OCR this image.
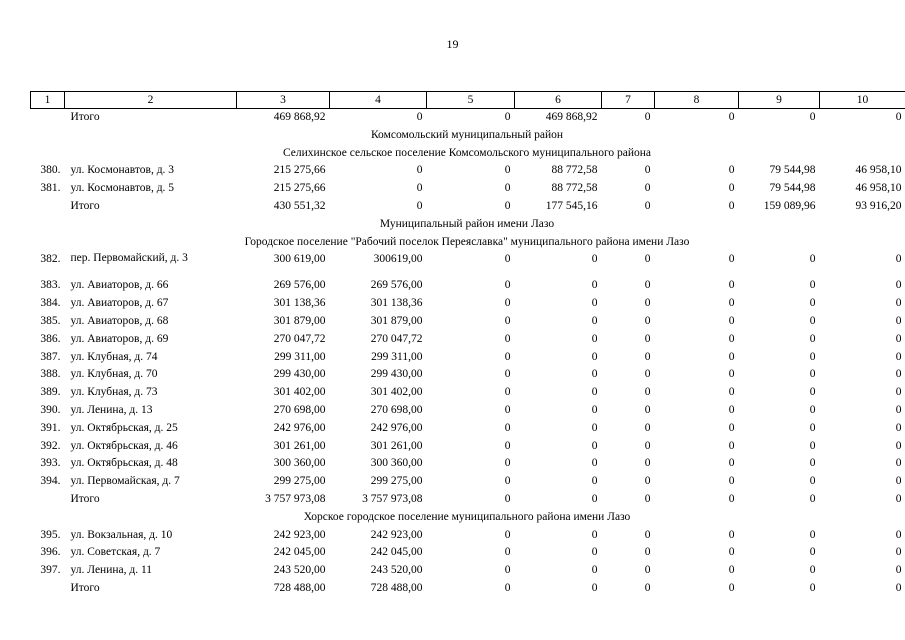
19
1	2	3	4	5	6	7	8	9	10
	Итого	469 868,92	0	0	469 868,92	0	0	0	0
Комсомольский муниципальный район									
Селихинское сельское поселение Комсомольского муниципального района									
380.	ул. Космонавтов, д. 3	215 275,66	0	0	88 772,58	0	0	79 544,98	46 958,10
381.	ул. Космонавтов, д. 5	215 275,66	0	0	88 772,58	0	0	79 544,98	46 958,10
	Итого	430 551,32	0	0	177 545,16	0	0	159 089,96	93 916,20
Муниципальный район имени Лазо									
Городское поселение "Рабочий поселок Переяславка" муниципального района имени Лазо									
382.	пер. Первомайский, д. 3	300 619,00	300619,00	0	0	0	0	0	0
383.	ул. Авиаторов, д. 66	269 576,00	269 576,00	0	0	0	0	0	0
384.	ул. Авиаторов, д. 67	301 138,36	301 138,36	0	0	0	0	0	0
385.	ул. Авиаторов, д. 68	301 879,00	301 879,00	0	0	0	0	0	0
386.	ул. Авиаторов, д. 69	270 047,72	270 047,72	0	0	0	0	0	0
387.	ул. Клубная, д. 74	299 311,00	299 311,00	0	0	0	0	0	0
388.	ул. Клубная, д. 70	299 430,00	299 430,00	0	0	0	0	0	0
389.	ул. Клубная, д. 73	301 402,00	301 402,00	0	0	0	0	0	0
390.	ул. Ленина, д. 13	270 698,00	270 698,00	0	0	0	0	0	0
391.	ул. Октябрьская, д. 25	242 976,00	242 976,00	0	0	0	0	0	0
392.	ул. Октябрьская, д. 46	301 261,00	301 261,00	0	0	0	0	0	0
393.	ул. Октябрьская, д. 48	300 360,00	300 360,00	0	0	0	0	0	0
394.	ул. Первомайская, д. 7	299 275,00	299 275,00	0	0	0	0	0	0
	Итого	3 757 973,08	3 757 973,08	0	0	0	0	0	0
Хорское городское поселение муниципального района имени Лазо									
395.	ул. Вокзальная, д. 10	242 923,00	242 923,00	0	0	0	0	0	0
396.	ул. Советская, д. 7	242 045,00	242 045,00	0	0	0	0	0	0
397.	ул. Ленина, д. 11	243 520,00	243 520,00	0	0	0	0	0	0
	Итого	728 488,00	728 488,00	0	0	0	0	0	0
